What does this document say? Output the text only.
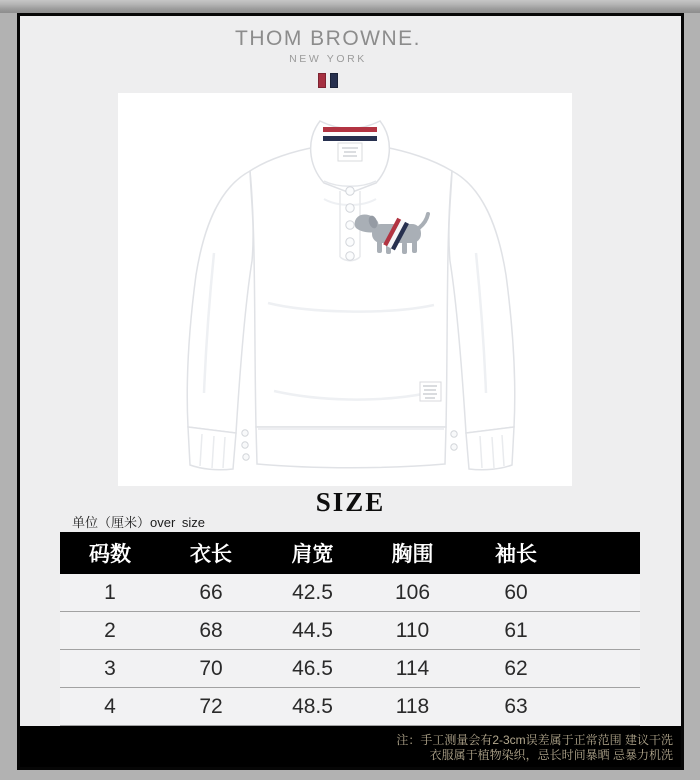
THOM BROWNE.
NEW YORK
SIZE
单位（厘米）over size
码数	衣长	肩宽	胸围	袖长
1	66	42.5	106	60
2	68	44.5	110	61
3	70	46.5	114	62
4	72	48.5	118	63
注：手工测量会有2-3cm误差属于正常范围 建议干洗
衣服属于植物染织，忌长时间暴晒 忌暴力机洗
